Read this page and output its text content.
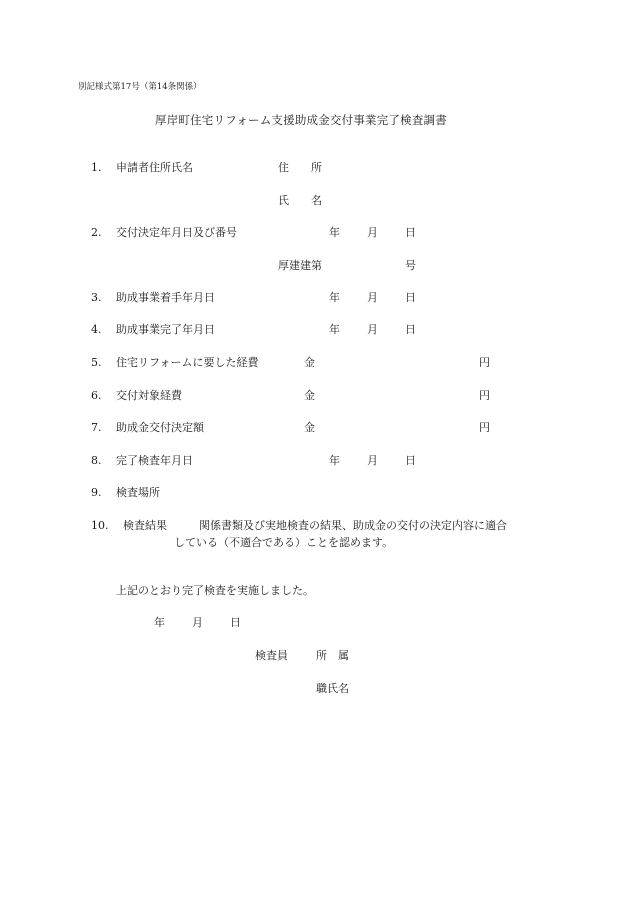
別記様式第17号（第14条関係）
厚岸町住宅リフォーム支援助成金交付事業完了検査調書
1. 申請者住所氏名	住　　所
氏　　名
2. 交付決定年月日及び番号	年 月 日
厚建建第	号
3. 助成事業着手年月日	年 月 日
4. 助成事業完了年月日	年 月 日
5. 住宅リフォームに要した経費	金	円
6. 交付対象経費	金	円
7. 助成金交付決定額	金	円
8. 完了検査年月日	年 月 日
9. 検査場所
10. 検査結果	関係書類及び実地検査の結果、助成金の交付の決定内容に適合
している（不適合である）ことを認めます。
上記のとおり完了検査を実施しました。
年 月 日
検査員	所　属
職氏名
